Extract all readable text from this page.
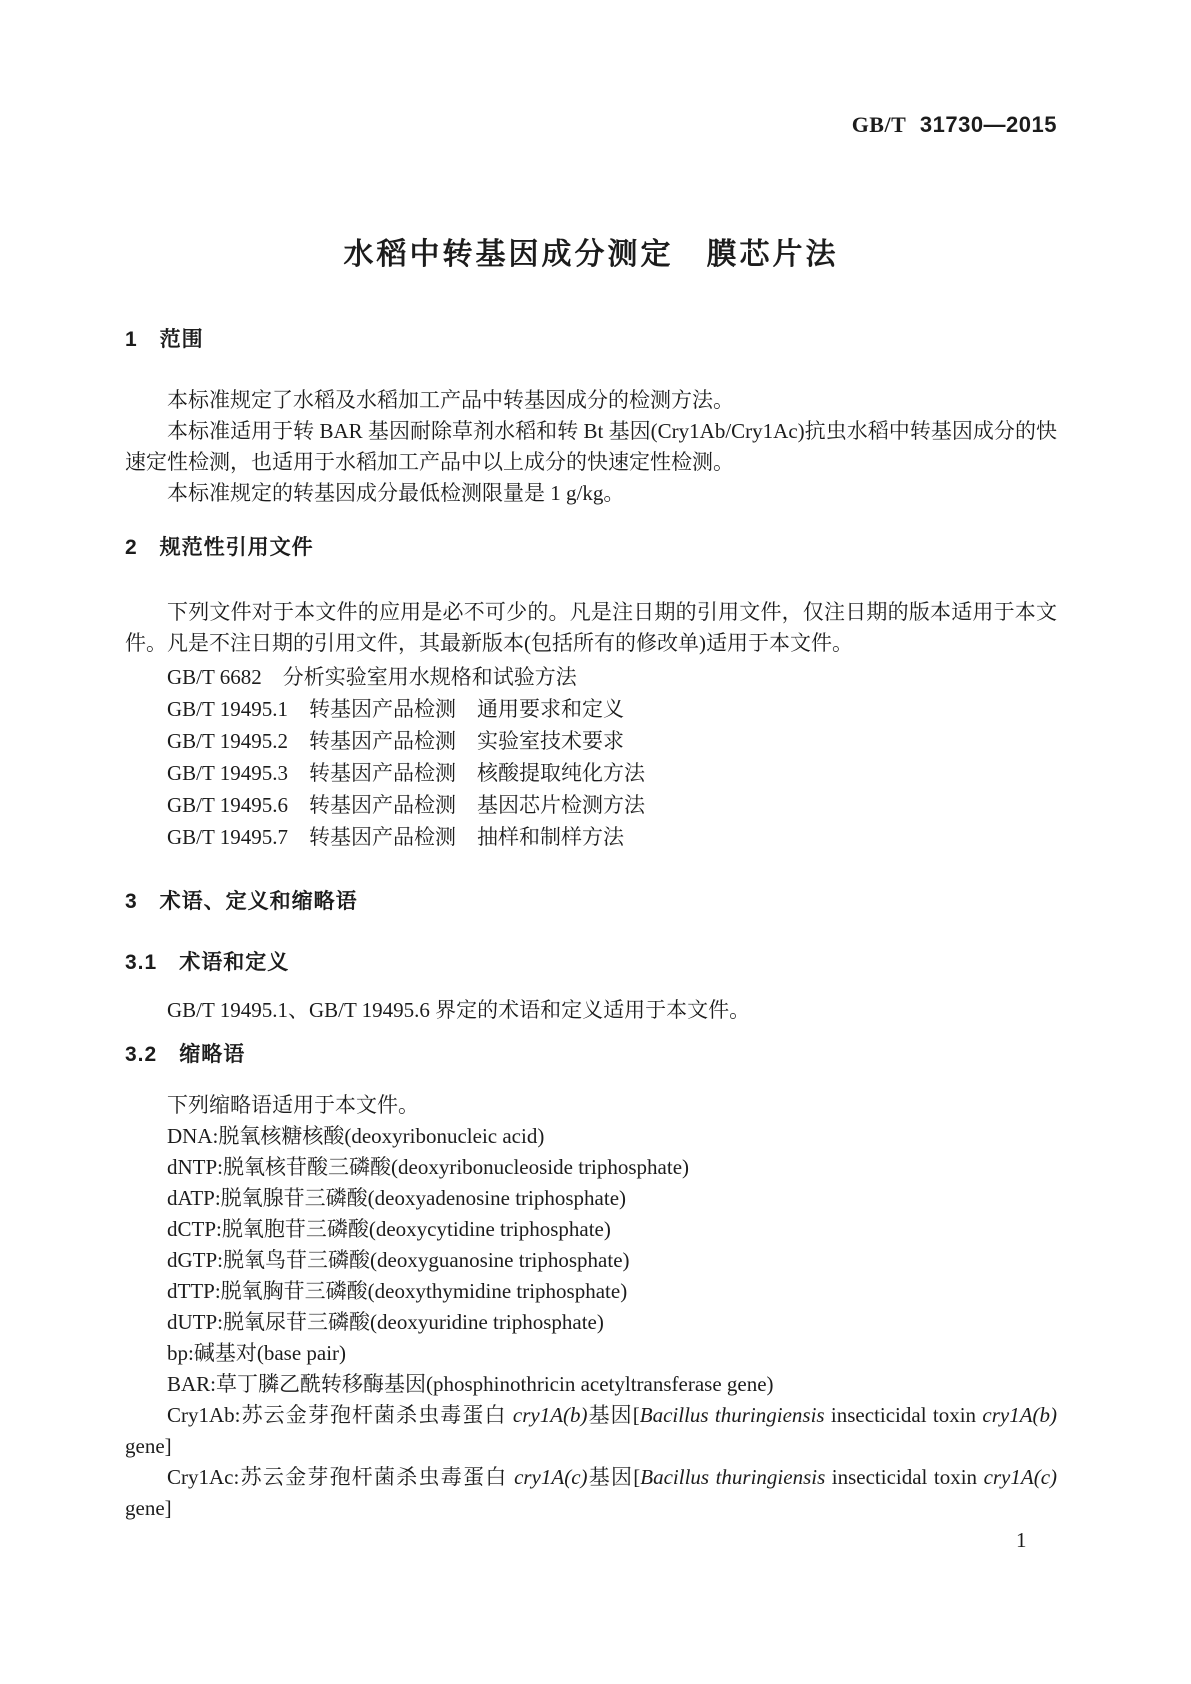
GB/T 31730—2015
水稻中转基因成分测定　膜芯片法
1　范围

本标准规定了水稻及水稻加工产品中转基因成分的检测方法。

本标准适用于转 BAR 基因耐除草剂水稻和转 Bt 基因(Cry1Ab/Cry1Ac)抗虫水稻中转基因成分的快速定性检测，也适用于水稻加工产品中以上成分的快速定性检测。

本标准规定的转基因成分最低检测限量是 1 g/kg。

2　规范性引用文件

下列文件对于本文件的应用是必不可少的。凡是注日期的引用文件，仅注日期的版本适用于本文件。凡是不注日期的引用文件，其最新版本(包括所有的修改单)适用于本文件。

GB/T 6682　分析实验室用水规格和试验方法

GB/T 19495.1　转基因产品检测　通用要求和定义

GB/T 19495.2　转基因产品检测　实验室技术要求

GB/T 19495.3　转基因产品检测　核酸提取纯化方法

GB/T 19495.6　转基因产品检测　基因芯片检测方法

GB/T 19495.7　转基因产品检测　抽样和制样方法

3　术语、定义和缩略语
3.1　术语和定义

GB/T 19495.1、GB/T 19495.6 界定的术语和定义适用于本文件。

3.2　缩略语

下列缩略语适用于本文件。

DNA:脱氧核糖核酸(deoxyribonucleic acid)

dNTP:脱氧核苷酸三磷酸(deoxyribonucleoside triphosphate)

dATP:脱氧腺苷三磷酸(deoxyadenosine triphosphate)

dCTP:脱氧胞苷三磷酸(deoxycytidine triphosphate)

dGTP:脱氧鸟苷三磷酸(deoxyguanosine triphosphate)

dTTP:脱氧胸苷三磷酸(deoxythymidine triphosphate)

dUTP:脱氧尿苷三磷酸(deoxyuridine triphosphate)

bp:碱基对(base pair)

BAR:草丁膦乙酰转移酶基因(phosphinothricin acetyltransferase gene)

Cry1Ab:苏云金芽孢杆菌杀虫毒蛋白 cry1A(b)基因[Bacillus thuringiensis insecticidal toxin cry1A(b) gene]

Cry1Ac:苏云金芽孢杆菌杀虫毒蛋白 cry1A(c)基因[Bacillus thuringiensis insecticidal toxin cry1A(c) gene]

1
